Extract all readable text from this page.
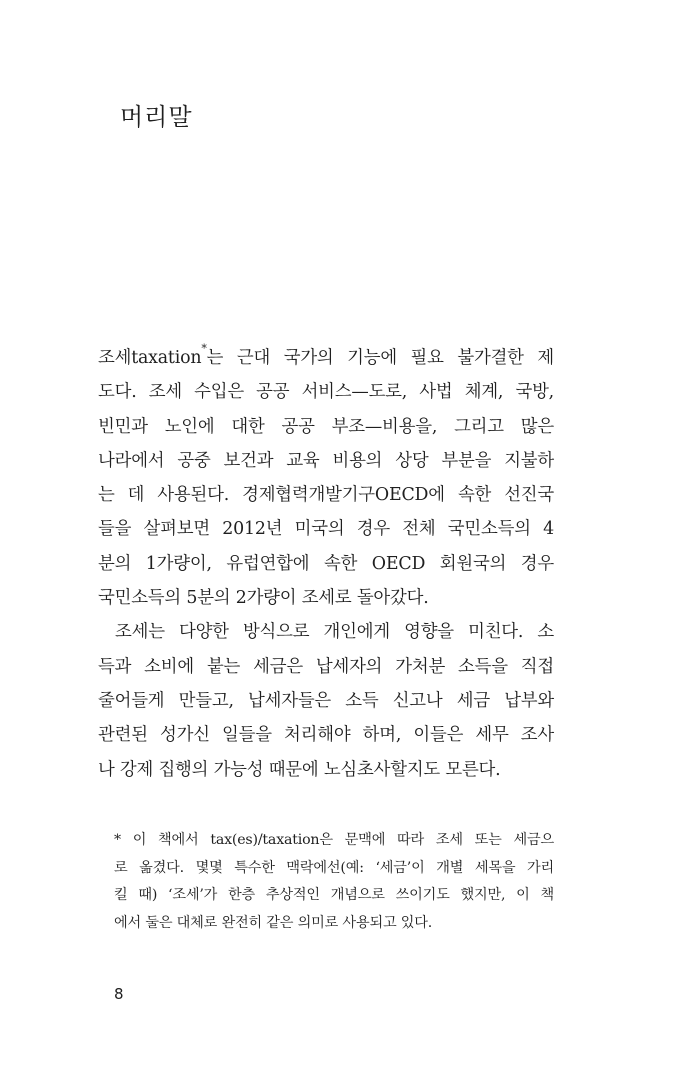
머리말

조세taxation*는 근대 국가의 기능에 필요 불가결한 제

도다. 조세 수입은 공공 서비스—도로, 사법 체계, 국방,

빈민과 노인에 대한 공공 부조—비용을, 그리고 많은

나라에서 공중 보건과 교육 비용의 상당 부분을 지불하

는 데 사용된다. 경제협력개발기구OECD에 속한 선진국

들을 살펴보면 2012년 미국의 경우 전체 국민소득의 4

분의 1가량이, 유럽연합에 속한 OECD 회원국의 경우

국민소득의 5분의 2가량이 조세로 돌아갔다.

조세는 다양한 방식으로 개인에게 영향을 미친다. 소

득과 소비에 붙는 세금은 납세자의 가처분 소득을 직접

줄어들게 만들고, 납세자들은 소득 신고나 세금 납부와

관련된 성가신 일들을 처리해야 하며, 이들은 세무 조사

나 강제 집행의 가능성 때문에 노심초사할지도 모른다.

* 이 책에서 tax(es)/taxation은 문맥에 따라 조세 또는 세금으

로 옮겼다. 몇몇 특수한 맥락에선(예: ‘세금’이 개별 세목을 가리

킬 때) ‘조세’가 한층 추상적인 개념으로 쓰이기도 했지만, 이 책

에서 둘은 대체로 완전히 같은 의미로 사용되고 있다.

8
